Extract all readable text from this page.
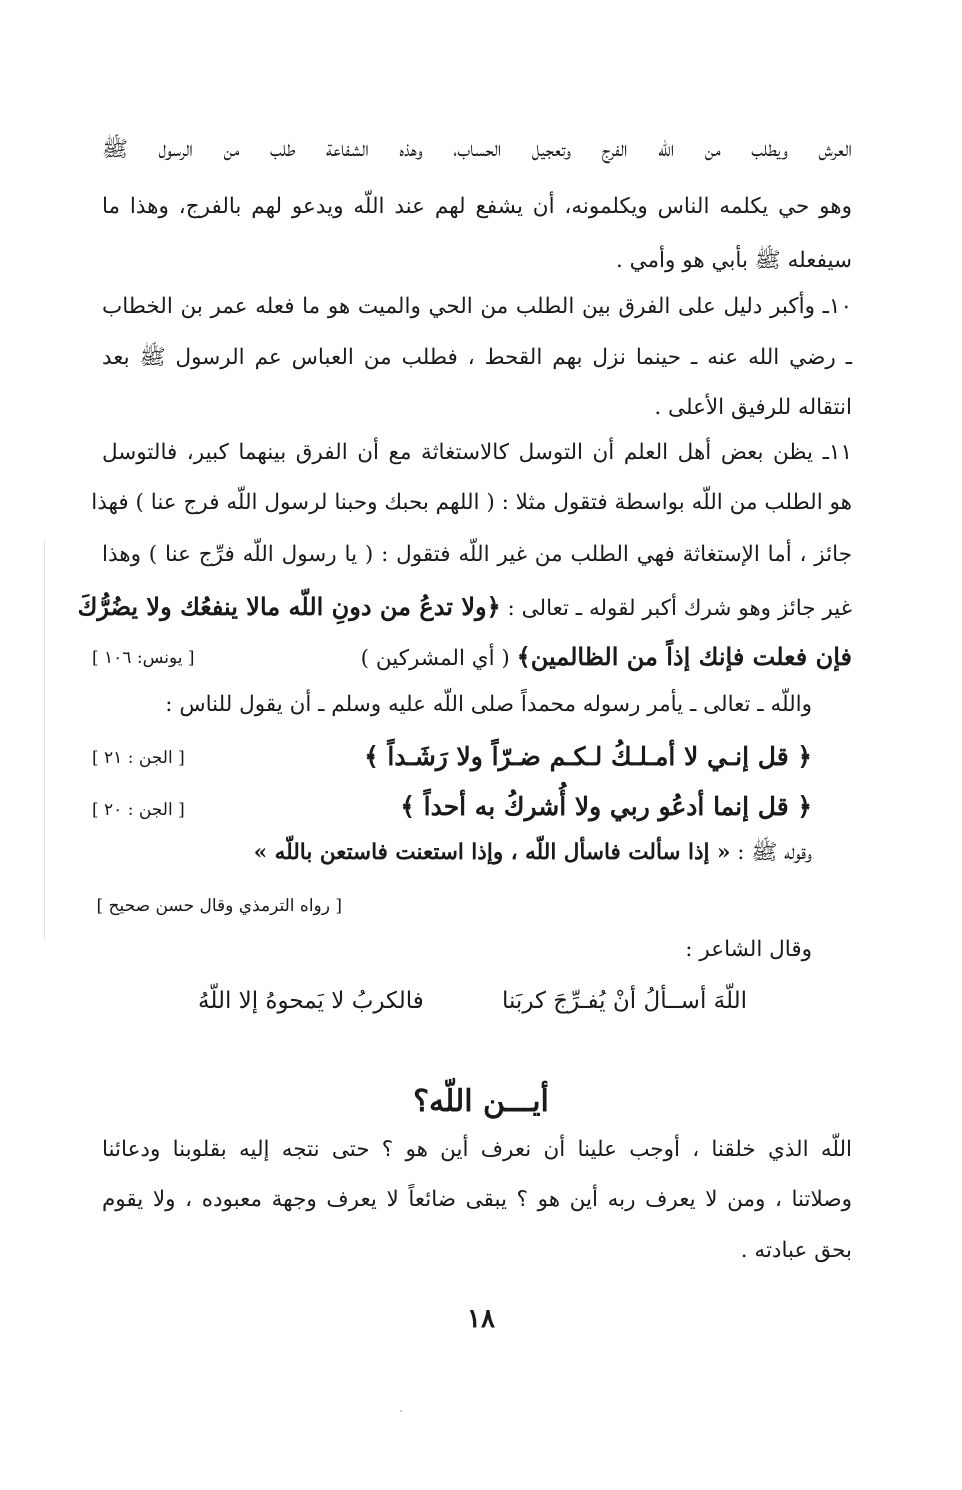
العرش ويطلب من اللّه الفرج وتعجيل الحساب، وهذه الشفاعة طلب من الرسول ﷺ
وهو حي يكلمه الناس ويكلمونه، أن يشفع لهم عند اللّه ويدعو لهم بالفرج، وهذا ما
سيفعله ﷺ بأبي هو وأمي .
١٠ـ وأكبر دليل على الفرق بين الطلب من الحي والميت هو ما فعله عمر بن الخطاب
ـ رضي الله عنه ـ حينما نزل بهم القحط ، فطلب من العباس عم الرسول ﷺ بعد
انتقاله للرفيق الأعلى .
١١ـ يظن بعض أهل العلم أن التوسل كالاستغاثة مع أن الفرق بينهما كبير، فالتوسل
هو الطلب من اللّه بواسطة فتقول مثلا : ( اللهم بحبك وحبنا لرسول اللّه فرج عنا ) فهذا
جائز ، أما الإستغاثة فهي الطلب من غير اللّه فتقول : ( يا رسول اللّه فرِّج عنا ) وهذا
غير جائز وهو شرك أكبر لقوله ـ تعالى : ﴿ولا تدعُ من دونِ اللّه مالا ينفعُك ولا يضُرُّكَ
فإن فعلت فإنك إذاً من الظالمين﴾ ( أي المشركين )
[ يونس: ١٠٦ ]
واللّه ـ تعالى ـ يأمر رسوله محمداً صلى اللّه عليه وسلم ـ أن يقول للناس :
﴿ قل إنـي لا أمـلـكُ لـكـم ضـرّاً ولا رَشَـداً ﴾
[ الجن : ٢١ ]
﴿ قل إنما أدعُو ربي ولا أُشركُ به أحداً ﴾
[ الجن : ٢٠ ]
وقوله ﷺ : « إذا سألت فاسأل اللّه ، وإذا استعنت فاستعن باللّه »
[ رواه الترمذي وقال حسن صحيح ]
وقال الشاعر :
اللّهَ أســألُ أنْ يُفـرِّجَ كربَنا
فالكربُ لا يَمحوهُ إلا اللّهُ
أيـــن اللّه؟
اللّه الذي خلقنا ، أوجب علينا أن نعرف أين هو ؟ حتى نتجه إليه بقلوبنا ودعائنا
وصلاتنا ، ومن لا يعرف ربه أين هو ؟ يبقى ضائعاً لا يعرف وجهة معبوده ، ولا يقوم
بحق عبادته .
١٨
